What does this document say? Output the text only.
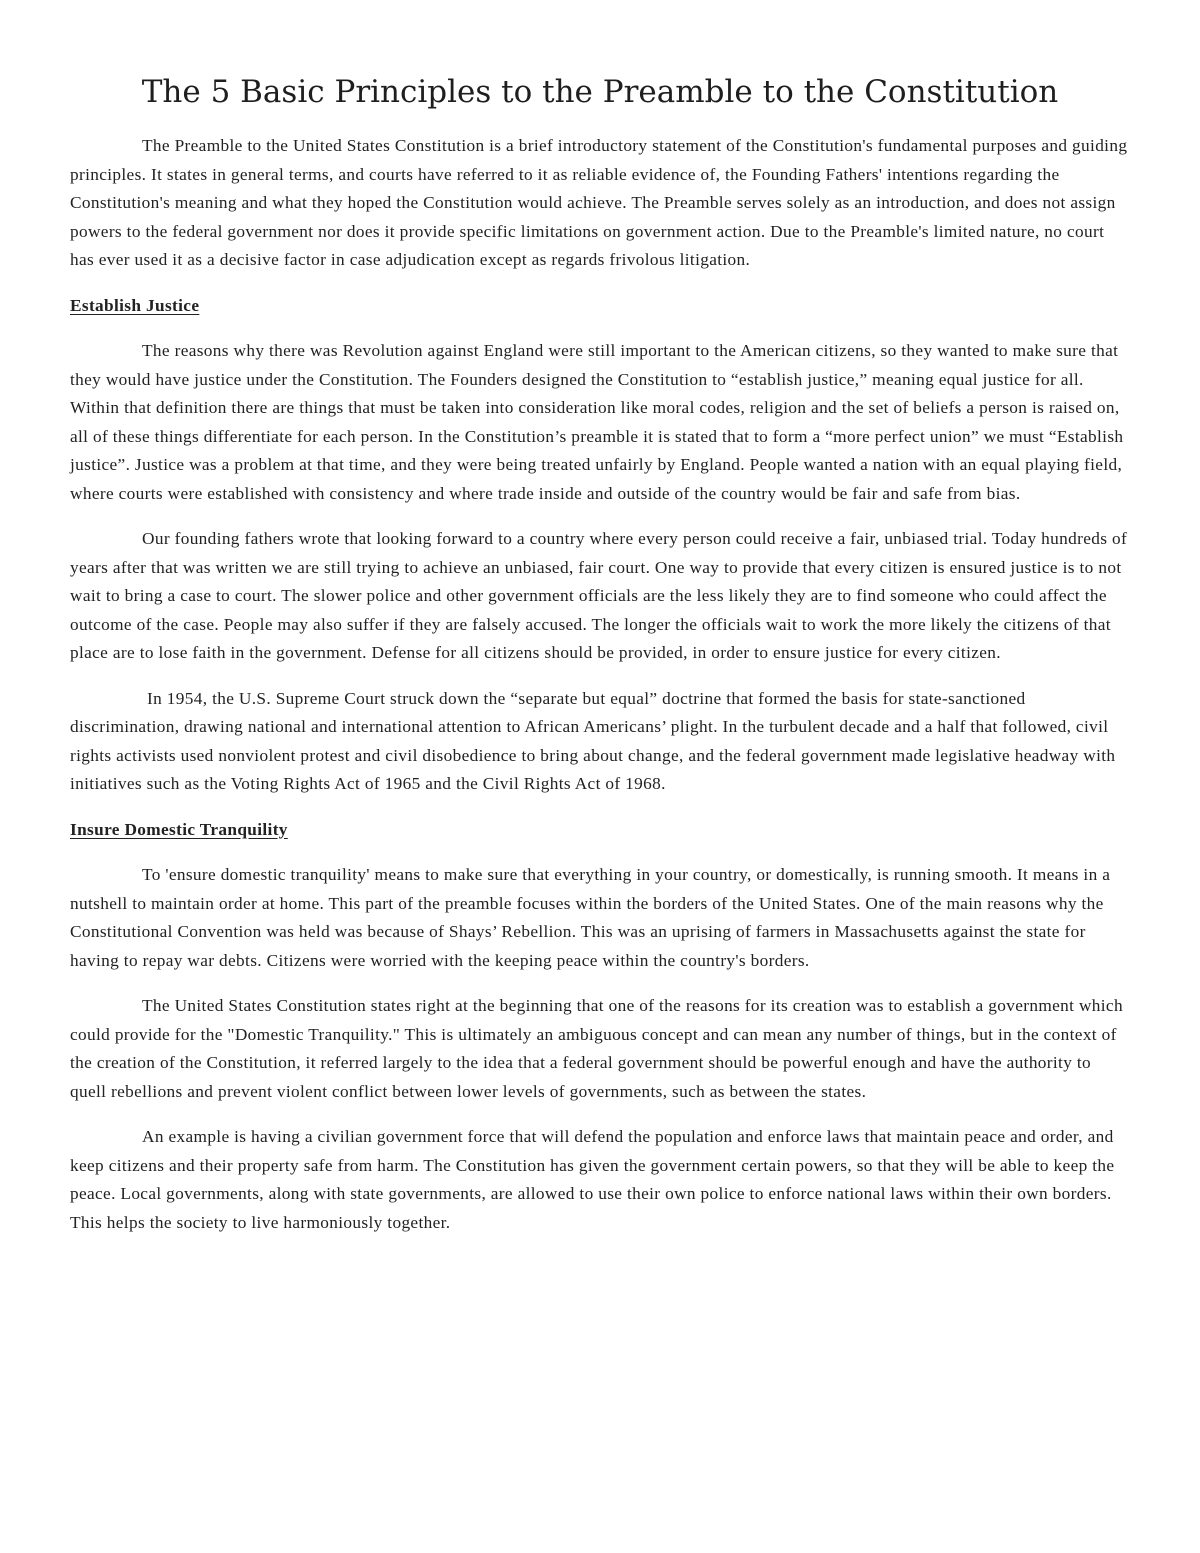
The 5 Basic Principles to the Preamble to the Constitution

The Preamble to the United States Constitution is a brief introductory statement of the Constitution's fundamental purposes and guiding principles. It states in general terms, and courts have referred to it as reliable evidence of, the Founding Fathers' intentions regarding the Constitution's meaning and what they hoped the Constitution would achieve. The Preamble serves solely as an introduction, and does not assign powers to the federal government nor does it provide specific limitations on government action. Due to the Preamble's limited nature, no court has ever used it as a decisive factor in case adjudication except as regards frivolous litigation.

Establish Justice

The reasons why there was Revolution against England were still important to the American citizens, so they wanted to make sure that they would have justice under the Constitution. The Founders designed the Constitution to “establish justice,” meaning equal justice for all. Within that definition there are things that must be taken into consideration like moral codes, religion and the set of beliefs a person is raised on, all of these things differentiate for each person. In the Constitution’s preamble it is stated that to form a “more perfect union” we must “Establish justice”. Justice was a problem at that time, and they were being treated unfairly by England. People wanted a nation with an equal playing field, where courts were established with consistency and where trade inside and outside of the country would be fair and safe from bias.

Our founding fathers wrote that looking forward to a country where every person could receive a fair, unbiased trial. Today hundreds of years after that was written we are still trying to achieve an unbiased, fair court. One way to provide that every citizen is ensured justice is to not wait to bring a case to court. The slower police and other government officials are the less likely they are to find someone who could affect the outcome of the case. People may also suffer if they are falsely accused. The longer the officials wait to work the more likely the citizens of that place are to lose faith in the government. Defense for all citizens should be provided, in order to ensure justice for every citizen.

In 1954, the U.S. Supreme Court struck down the “separate but equal” doctrine that formed the basis for state-sanctioned discrimination, drawing national and international attention to African Americans’ plight. In the turbulent decade and a half that followed, civil rights activists used nonviolent protest and civil disobedience to bring about change, and the federal government made legislative headway with initiatives such as the Voting Rights Act of 1965 and the Civil Rights Act of 1968.

Insure Domestic Tranquility

To 'ensure domestic tranquility' means to make sure that everything in your country, or domestically, is running smooth. It means in a nutshell to maintain order at home. This part of the preamble focuses within the borders of the United States. One of the main reasons why the Constitutional Convention was held was because of Shays’ Rebellion. This was an uprising of farmers in Massachusetts against the state for having to repay war debts. Citizens were worried with the keeping peace within the country's borders.

The United States Constitution states right at the beginning that one of the reasons for its creation was to establish a government which could provide for the "Domestic Tranquility." This is ultimately an ambiguous concept and can mean any number of things, but in the context of the creation of the Constitution, it referred largely to the idea that a federal government should be powerful enough and have the authority to quell rebellions and prevent violent conflict between lower levels of governments, such as between the states.

An example is having a civilian government force that will defend the population and enforce laws that maintain peace and order, and keep citizens and their property safe from harm. The Constitution has given the government certain powers, so that they will be able to keep the peace. Local governments, along with state governments, are allowed to use their own police to enforce national laws within their own borders. This helps the society to live harmoniously together.
